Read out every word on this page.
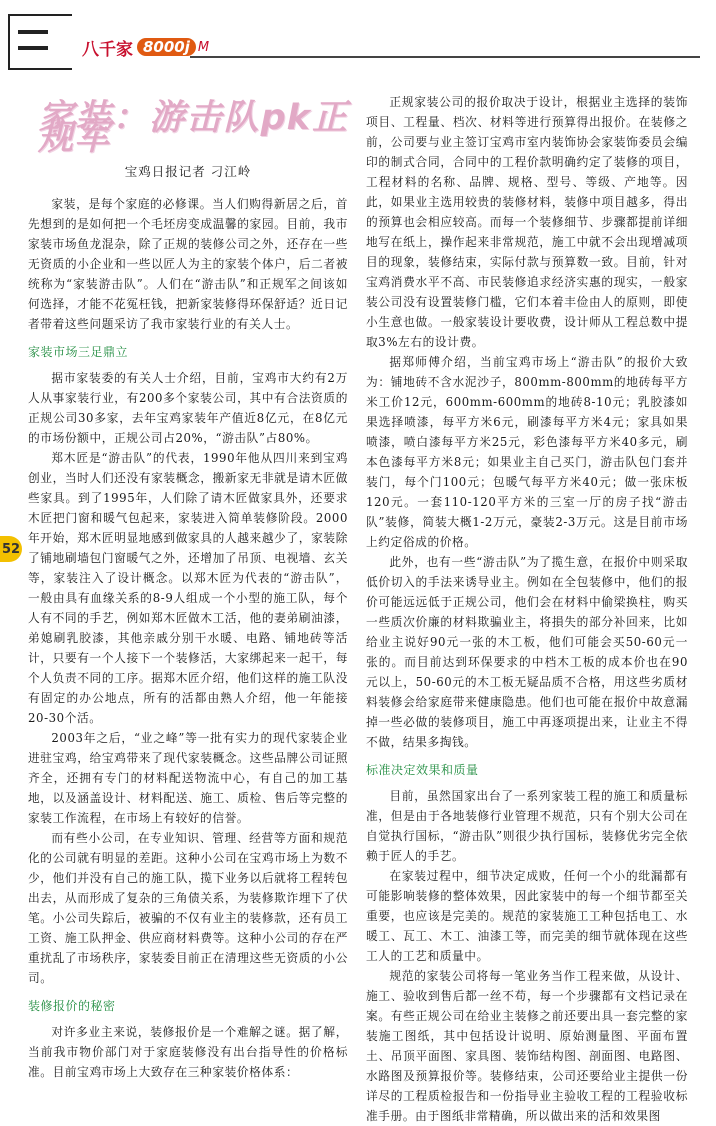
八千家 8000j M
52
家装：游击队pk正规军
宝鸡日报记者 刁江岭

家装，是每个家庭的必修课。当人们购得新居之后，首先想到的是如何把一个毛坯房变成温馨的家园。目前，我市家装市场鱼龙混杂，除了正规的装修公司之外，还存在一些无资质的小企业和一些以匠人为主的家装个体户，后二者被统称为“家装游击队”。人们在“游击队”和正规军之间该如何选择，才能不花冤枉钱，把新家装修得环保舒适？近日记者带着这些问题采访了我市家装行业的有关人士。

家装市场三足鼎立

据市家装委的有关人士介绍，目前，宝鸡市大约有2万人从事家装行业，有200多个家装公司，其中有合法资质的正规公司30多家，去年宝鸡家装年产值近8亿元，在8亿元的市场份额中，正规公司占20%，“游击队”占80%。

郑木匠是“游击队”的代表，1990年他从四川来到宝鸡创业，当时人们还没有家装概念，搬新家无非就是请木匠做些家具。到了1995年，人们除了请木匠做家具外，还要求木匠把门窗和暖气包起来，家装进入简单装修阶段。2000年开始，郑木匠明显地感到做家具的人越来越少了，家装除了铺地刷墙包门窗暖气之外，还增加了吊顶、电视墙、玄关等，家装注入了设计概念。以郑木匠为代表的“游击队”，一般由具有血缘关系的8-9人组成一个小型的施工队，每个人有不同的手艺，例如郑木匠做木工活，他的妻弟刷油漆，弟媳刷乳胶漆，其他亲戚分别干水暖、电路、铺地砖等活计，只要有一个人接下一个装修活，大家绑起来一起干，每个人负责不同的工序。据郑木匠介绍，他们这样的施工队没有固定的办公地点，所有的活都由熟人介绍，他一年能接20-30个活。

2003年之后，“业之峰”等一批有实力的现代家装企业进驻宝鸡，给宝鸡带来了现代家装概念。这些品牌公司证照齐全，还拥有专门的材料配送物流中心，有自己的加工基地，以及涵盖设计、材料配送、施工、质检、售后等完整的家装工作流程，在市场上有较好的信誉。

而有些小公司，在专业知识、管理、经营等方面和规范化的公司就有明显的差距。这种小公司在宝鸡市场上为数不少，他们并没有自己的施工队，揽下业务以后就将工程转包出去，从而形成了复杂的三角债关系，为装修欺诈埋下了伏笔。小公司失踪后，被骗的不仅有业主的装修款，还有员工工资、施工队押金、供应商材料费等。这种小公司的存在严重扰乱了市场秩序，家装委目前正在清理这些无资质的小公司。

装修报价的秘密

对许多业主来说，装修报价是一个难解之谜。据了解，当前我市物价部门对于家庭装修没有出台指导性的价格标准。目前宝鸡市场上大致存在三种家装价格体系：

正规家装公司的报价取决于设计，根据业主选择的装饰项目、工程量、档次、材料等进行预算得出报价。在装修之前，公司要与业主签订宝鸡市室内装饰协会家装饰委员会编印的制式合同，合同中的工程价款明确约定了装修的项目，工程材料的名称、品牌、规格、型号、等级、产地等。因此，如果业主选用较贵的装修材料，装修中项目越多，得出的预算也会相应较高。而每一个装修细节、步骤都提前详细地写在纸上，操作起来非常规范，施工中就不会出现增减项目的现象，装修结束，实际付款与预算数一致。目前，针对宝鸡消费水平不高、市民装修追求经济实惠的现实，一般家装公司没有设置装修门槛，它们本着丰俭由人的原则，即使小生意也做。一般家装设计要收费，设计师从工程总数中提取3%左右的设计费。

据郑师傅介绍，当前宝鸡市场上“游击队”的报价大致为：铺地砖不含水泥沙子，800mm-800mm的地砖每平方米工价12元，600mm-600mm的地砖8-10元；乳胶漆如果选择喷漆，每平方米6元，刷漆每平方米4元；家具如果喷漆，喷白漆每平方米25元，彩色漆每平方米40多元，刷本色漆每平方米8元；如果业主自己买门，游击队包门套并装门，每个门100元；包暖气每平方米40元；做一张床板120元。一套110-120平方米的三室一厅的房子找“游击队”装修，简装大概1-2万元，豪装2-3万元。这是目前市场上约定俗成的价格。

此外，也有一些“游击队”为了揽生意，在报价中则采取低价切入的手法来诱导业主。例如在全包装修中，他们的报价可能远远低于正规公司，他们会在材料中偷梁换柱，购买一些质次价廉的材料欺骗业主，将損失的部分补回来，比如给业主说好90元一张的木工板，他们可能会买50-60元一张的。而目前达到环保要求的中档木工板的成本价也在90元以上，50-60元的木工板无疑品质不合格，用这些劣质材料装修会给家庭带来健康隐患。他们也可能在报价中故意漏掉一些必做的装修项目，施工中再逐项提出来，让业主不得不做，结果多掏钱。

标准决定效果和质量

目前，虽然国家出台了一系列家装工程的施工和质量标准，但是由于各地装修行业管理不规范，只有个别大公司在自觉执行国标，“游击队”则很少执行国标，装修优劣完全依赖于匠人的手艺。

在家装过程中，细节决定成败，任何一个小的纰漏都有可能影响装修的整体效果，因此家装中的每一个细节都至关重要，也应该是完美的。规范的家装施工工种包括电工、水暖工、瓦工、木工、油漆工等，而完美的细节就体现在这些工人的工艺和质量中。

规范的家装公司将每一笔业务当作工程来做，从设计、施工、验收到售后都一丝不苟，每一个步骤都有文档记录在案。有些正规公司在给业主装修之前还要出具一套完整的家装施工图纸，其中包括设计说明、原始测量图、平面布置土、吊顶平面图、家具图、装饰结构图、剖面图、电路图、水路图及预算报价等。装修结束，公司还要给业主提供一份详尽的工程质检报告和一份指导业主验收工程的工程验收标准手册。由于图纸非常精确，所以做出来的活和效果图
